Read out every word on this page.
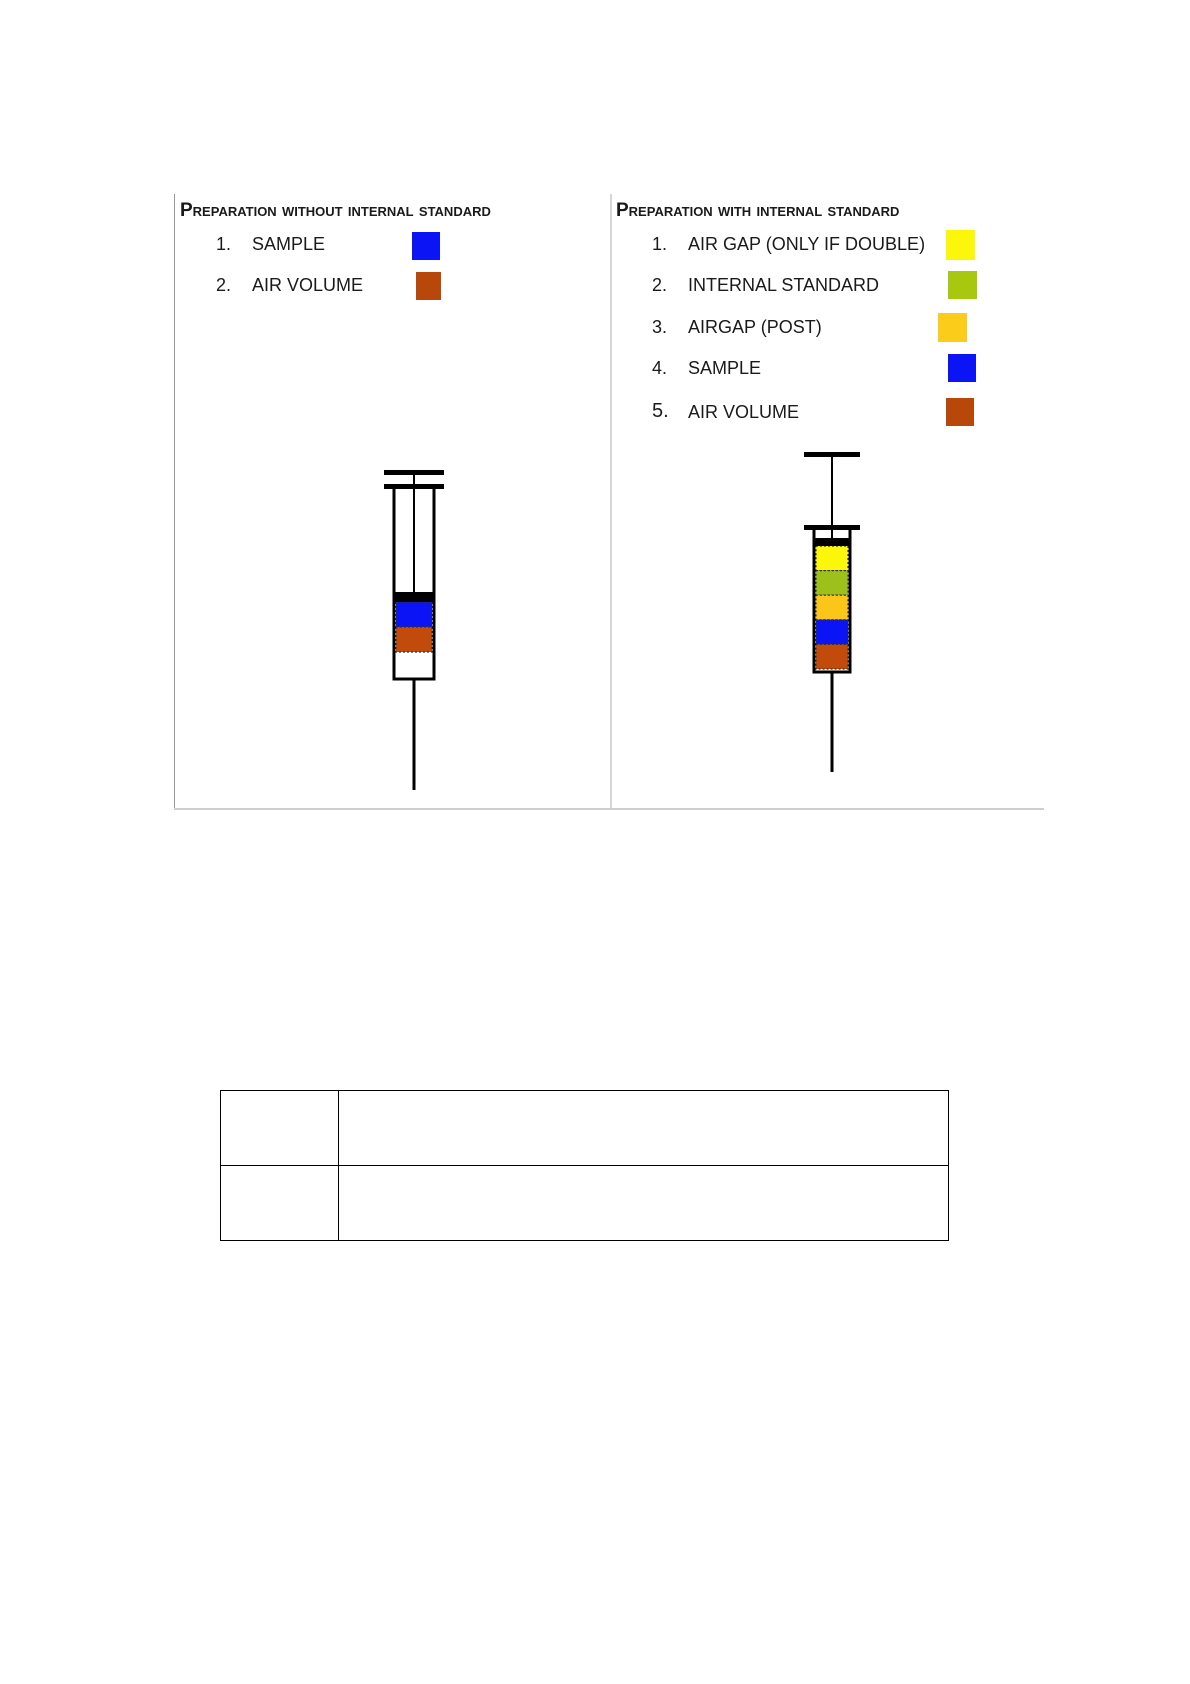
Preparation without internal standard
1. SAMPLE
2. AIR VOLUME
Preparation with internal standard
1. AIR GAP (ONLY IF DOUBLE)
2. INTERNAL STANDARD
3. AIRGAP (POST)
4. SAMPLE
5. AIR VOLUME
